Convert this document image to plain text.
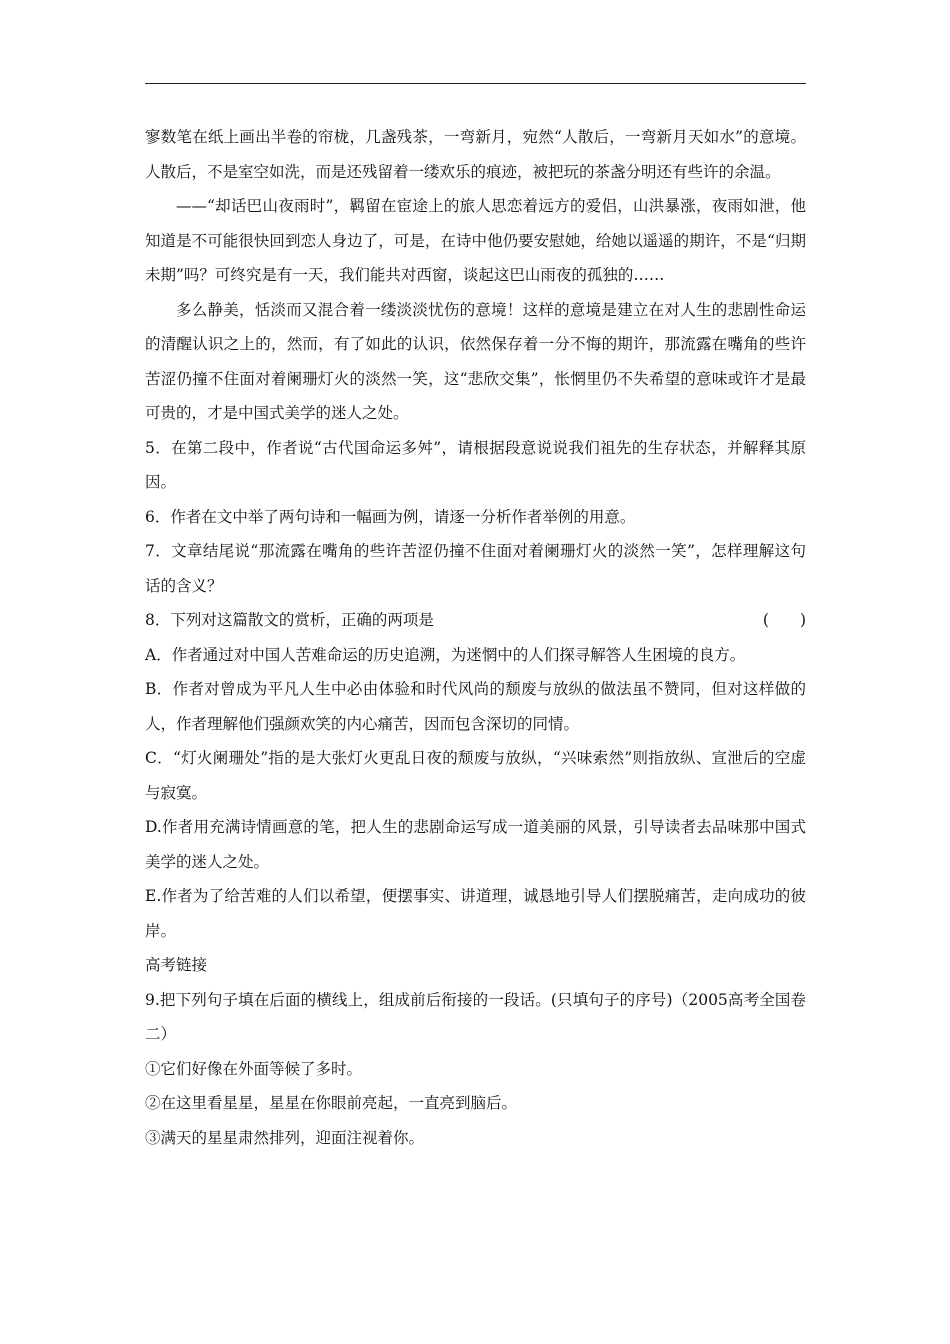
寥数笔在纸上画出半卷的帘栊，几盏残茶，一弯新月，宛然“人散后，一弯新月天如水”的意境。人散后，不是室空如洗，而是还残留着一缕欢乐的痕迹，被把玩的茶盏分明还有些许的余温。

——“却话巴山夜雨时”，羁留在宦途上的旅人思恋着远方的爱侣，山洪暴涨，夜雨如泄，他知道是不可能很快回到恋人身边了，可是，在诗中他仍要安慰她，给她以遥遥的期许，不是“归期未期”吗？可终究是有一天，我们能共对西窗，谈起这巴山雨夜的孤独的……

多么静美，恬淡而又混合着一缕淡淡忧伤的意境！这样的意境是建立在对人生的悲剧性命运的清醒认识之上的，然而，有了如此的认识，依然保存着一分不悔的期许，那流露在嘴角的些许苦涩仍撞不住面对着阑珊灯火的淡然一笑，这“悲欣交集”，怅惘里仍不失希望的意味或许才是最可贵的，才是中国式美学的迷人之处。

5．在第二段中，作者说“古代国命运多舛”，请根据段意说说我们祖先的生存状态，并解释其原因。

6．作者在文中举了两句诗和一幅画为例，请逐一分析作者举例的用意。

7．文章结尾说“那流露在嘴角的些许苦涩仍撞不住面对着阑珊灯火的淡然一笑”，怎样理解这句话的含义？

8．下列对这篇散文的赏析，正确的两项是	(　　)

A．作者通过对中国人苦难命运的历史追溯，为迷惘中的人们探寻解答人生困境的良方。

B．作者对曾成为平凡人生中必由体验和时代风尚的颓废与放纵的做法虽不赞同，但对这样做的人，作者理解他们强颜欢笑的内心痛苦，因而包含深切的同情。

C．“灯火阑珊处”指的是大张灯火更乱日夜的颓废与放纵，“兴味索然”则指放纵、宣泄后的空虚与寂寞。

D.作者用充满诗情画意的笔，把人生的悲剧命运写成一道美丽的风景，引导读者去品味那中国式美学的迷人之处。

E.作者为了给苦难的人们以希望，便摆事实、讲道理，诚恳地引导人们摆脱痛苦，走向成功的彼岸。

高考链接

9.把下列句子填在后面的横线上，组成前后衔接的一段话。(只填句子的序号)（2005高考全国卷二）

①它们好像在外面等候了多时。

②在这里看星星，星星在你眼前亮起，一直亮到脑后。

③满天的星星肃然排列，迎面注视着你。
